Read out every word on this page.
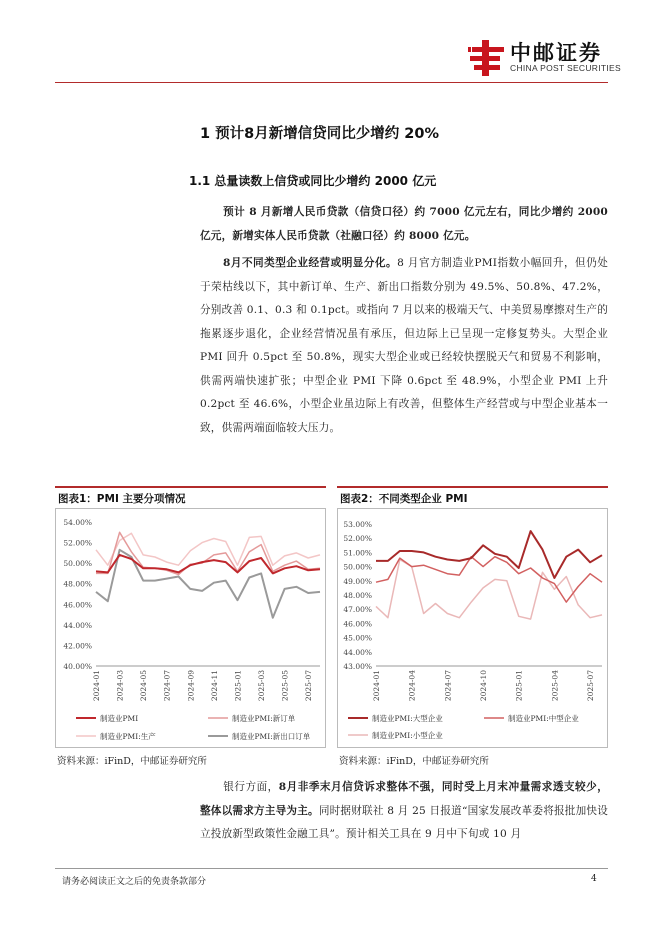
中邮证券
CHINA POST SECURITIES
1 预计8月新增信贷同比少增约 20%
1.1 总量读数上信贷或同比少增约 2000 亿元
预计 8 月新增人民币贷款（信贷口径）约 7000 亿元左右，同比少增约 2000 亿元，新增实体人民币贷款（社融口径）约 8000 亿元。
8月不同类型企业经营或明显分化。8 月官方制造业PMI指数小幅回升，但仍处于荣枯线以下，其中新订单、生产、新出口指数分别为 49.5%、50.8%、47.2%，分别改善 0.1、0.3 和 0.1pct。或指向 7 月以来的极端天气、中美贸易摩擦对生产的拖累逐步退化，企业经营情况虽有承压，但边际上已呈现一定修复势头。大型企业 PMI 回升 0.5pct 至 50.8%，现实大型企业或已经较快摆脱天气和贸易不利影响，供需两端快速扩张；中型企业 PMI 下降 0.6pct 至 48.9%，小型企业 PMI 上升 0.2pct 至 46.6%，小型企业虽边际上有改善，但整体生产经营或与中型企业基本一致，供需两端面临较大压力。
图表1：PMI 主要分项情况
54.00%
52.00%
50.00%
48.00%
46.00%
44.00%
42.00%
40.00%
2024-01 2024-03 2024-05 2024-07 2024-09 2024-11 2025-01 2025-03 2025-05 2025-07
制造业PMI	制造业PMI:新订单
制造业PMI:生产	制造业PMI:新出口订单
资料来源：iFinD，中邮证券研究所
图表2：不同类型企业 PMI
53.00%
52.00%
51.00%
50.00%
49.00%
48.00%
47.00%
46.00%
45.00%
44.00%
43.00%
2024-01	2024-04	2024-07	2024-10	2025-01	2025-04	2025-07
制造业PMI:大型企业	制造业PMI:中型企业
制造业PMI:小型企业
资料来源：iFinD，中邮证券研究所
银行方面，8月非季末月信贷诉求整体不强，同时受上月末冲量需求透支较少，整体以需求方主导为主。同时据财联社 8 月 25 日报道“国家发展改革委将报批加快设立投放新型政策性金融工具”。预计相关工具在 9 月中下旬或 10 月
请务必阅读正文之后的免责条款部分	4
